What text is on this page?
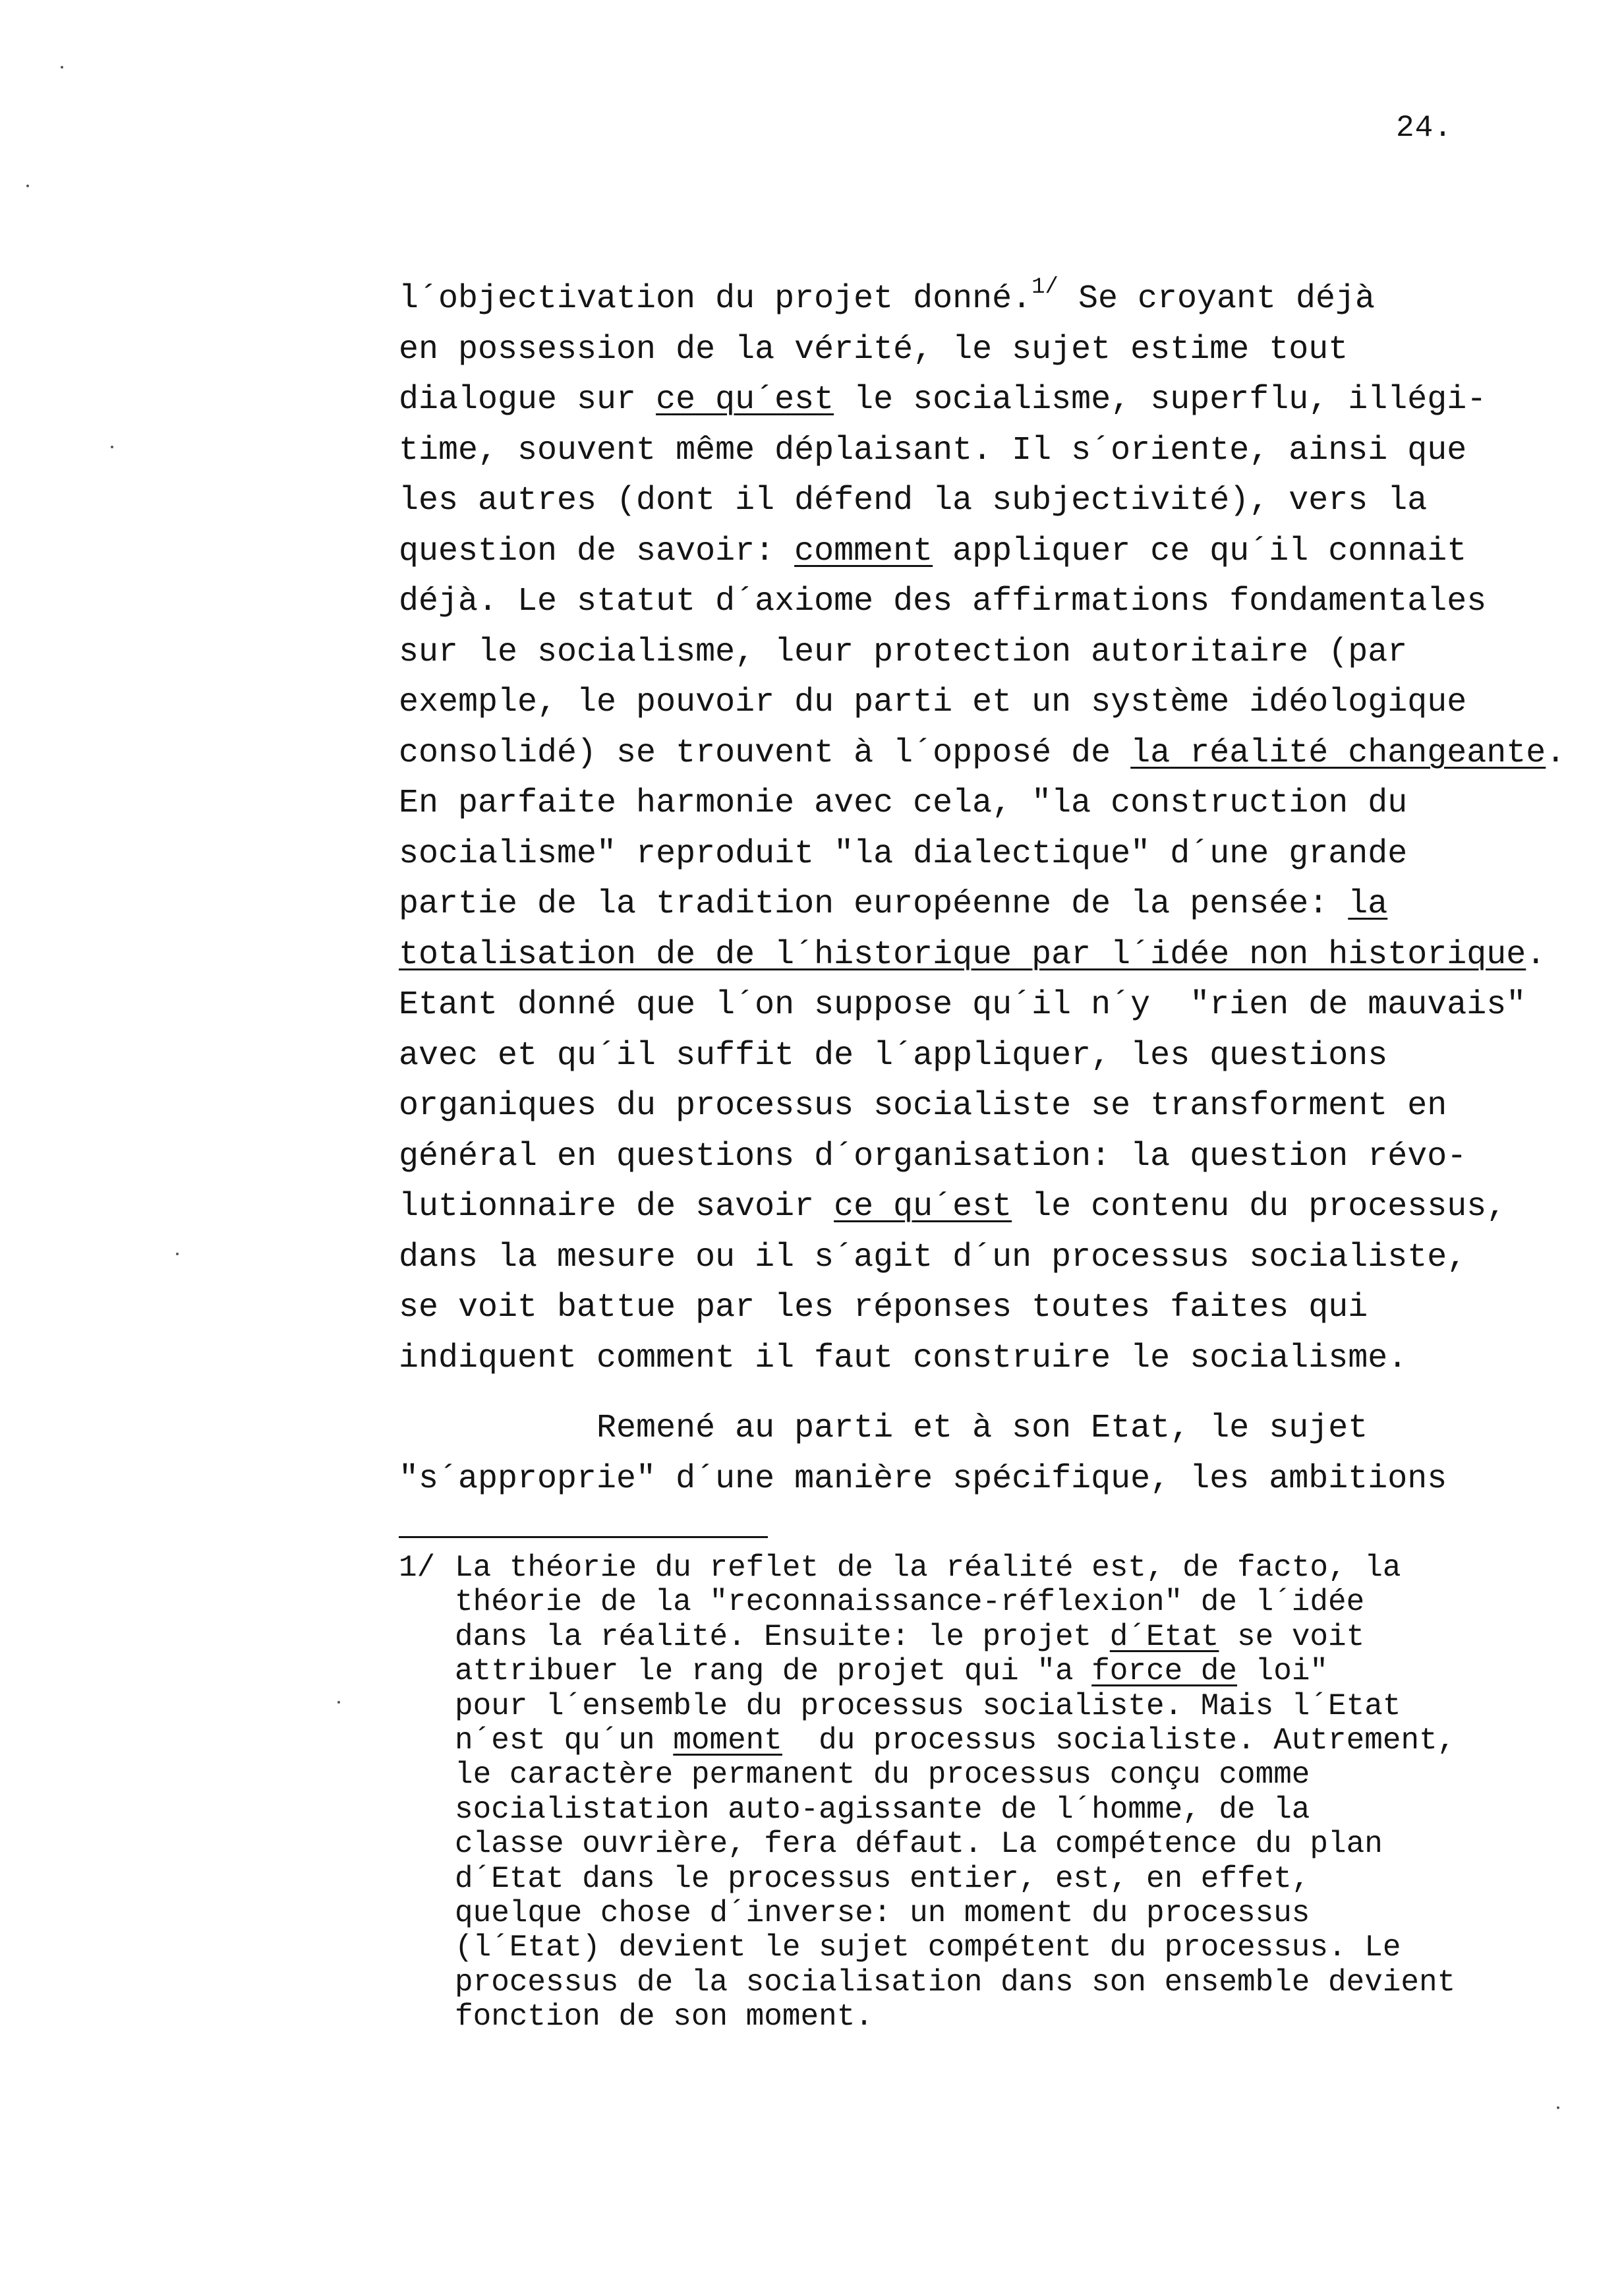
24.
l´objectivation du projet donné.$^{1/}$ Se croyant déjà
en possession de la vérité, le sujet estime tout
dialogue sur ce qu´est le socialisme, superflu, illégi-
time, souvent même déplaisant. Il s´oriente, ainsi que
les autres (dont il défend la subjectivité), vers la
question de savoir: comment appliquer ce qu´il connait
déjà. Le statut d´axiome des affirmations fondamentales
sur le socialisme, leur protection autoritaire (par
exemple, le pouvoir du parti et un système idéologique
consolidé) se trouvent à l´opposé de la réalité changeante.
En parfaite harmonie avec cela, "la construction du
socialisme" reproduit "la dialectique" d´une grande
partie de la tradition européenne de la pensée: la
totalisation de de l´historique par l´idée non historique.
Etant donné que l´on suppose qu´il n´y  "rien de mauvais"
avec et qu´il suffit de l´appliquer, les questions
organiques du processus socialiste se transforment en
général en questions d´organisation: la question révo-
lutionnaire de savoir ce qu´est le contenu du processus,
dans la mesure ou il s´agit d´un processus socialiste,
se voit battue par les réponses toutes faites qui
indiquent comment il faut construire le socialisme.
Remené au parti et à son Etat, le sujet
"s´approprie" d´une manière spécifique, les ambitions
1/ La théorie du reflet de la réalité est, de facto, la
théorie de la "reconnaissance-réflexion" de l´idée
dans la réalité. Ensuite: le projet d´Etat se voit
attribuer le rang de projet qui "a force de loi"
pour l´ensemble du processus socialiste. Mais l´Etat
n´est qu´un moment  du processus socialiste. Autrement,
le caractère permanent du processus conçu comme
socialistation auto-agissante de l´homme, de la
classe ouvrière, fera défaut. La compétence du plan
d´Etat dans le processus entier, est, en effet,
quelque chose d´inverse: un moment du processus
(l´Etat) devient le sujet compétent du processus. Le
processus de la socialisation dans son ensemble devient
fonction de son moment.
